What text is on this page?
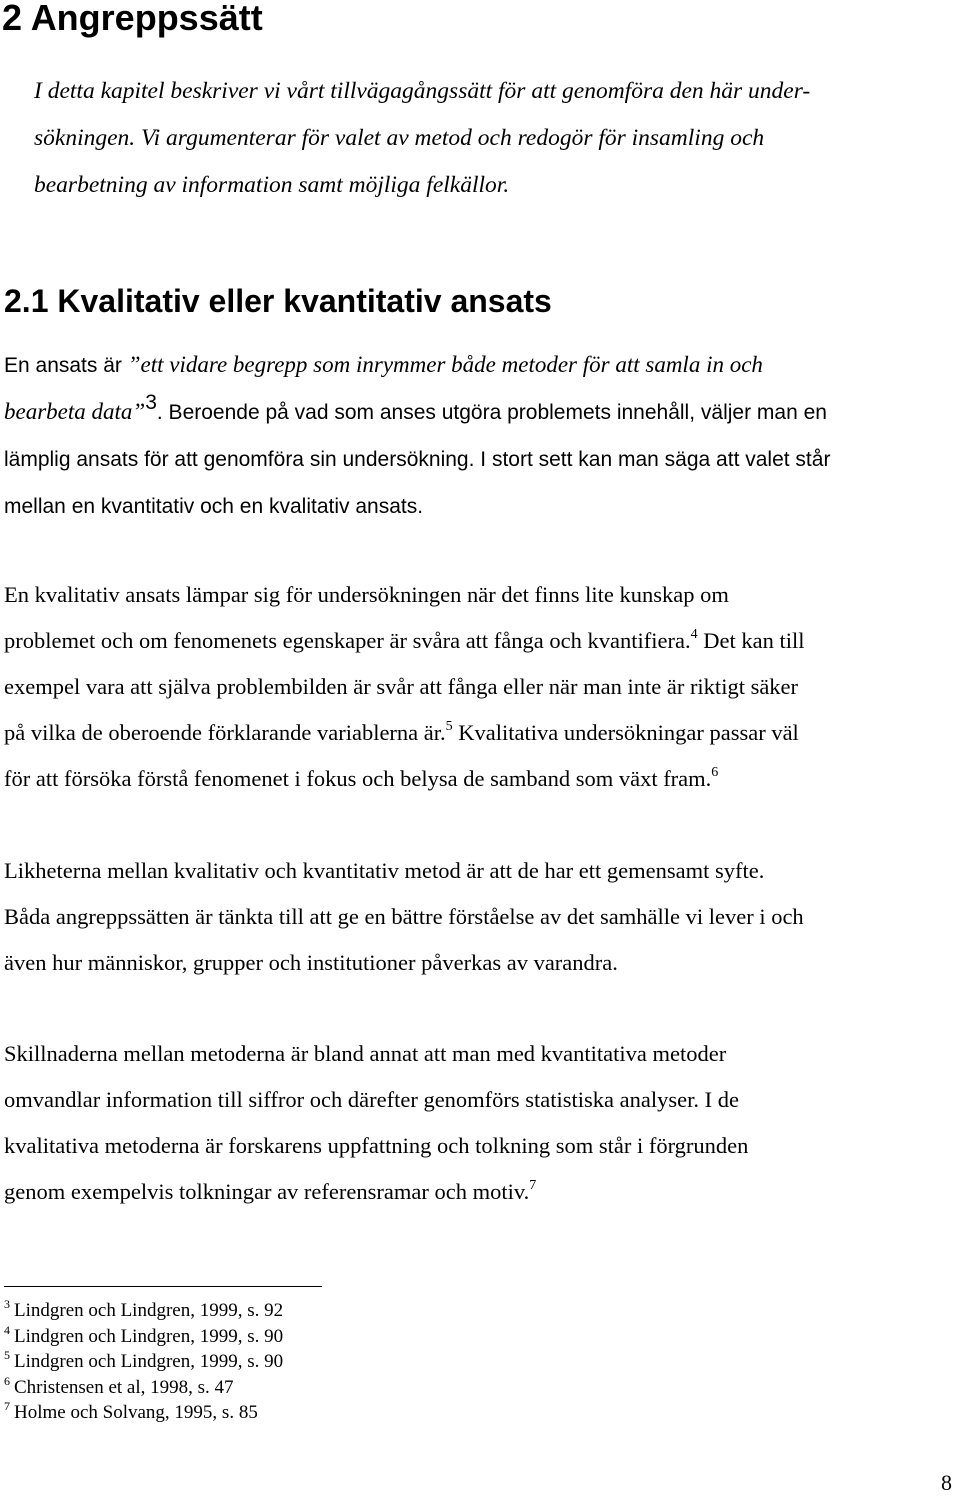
2 Angreppssätt

I detta kapitel beskriver vi vårt tillvägagångssätt för att genomföra den här under-
sökningen. Vi argumenterar för valet av metod och redogör för insamling och
bearbetning av information samt möjliga felkällor.

2.1 Kvalitativ eller kvantitativ ansats

En ansats är ”ett vidare begrepp som inrymmer både metoder för att samla in och
bearbeta data”$^3$. Beroende på vad som anses utgöra problemets innehåll, väljer man en
lämplig ansats för att genomföra sin undersökning. I stort sett kan man säga att valet står
mellan en kvantitativ och en kvalitativ ansats.

En kvalitativ ansats lämpar sig för undersökningen när det finns lite kunskap om
problemet och om fenomenets egenskaper är svåra att fånga och kvantifiera.$^4$ Det kan till
exempel vara att själva problembilden är svår att fånga eller när man inte är riktigt säker
på vilka de oberoende förklarande variablerna är.$^5$ Kvalitativa undersökningar passar väl
för att försöka förstå fenomenet i fokus och belysa de samband som växt fram.$^6$

Likheterna mellan kvalitativ och kvantitativ metod är att de har ett gemensamt syfte.
Båda angreppssätten är tänkta till att ge en bättre förståelse av det samhälle vi lever i och
även hur människor, grupper och institutioner påverkas av varandra.

Skillnaderna mellan metoderna är bland annat att man med kvantitativa metoder
omvandlar information till siffror och därefter genomförs statistiska analyser. I de
kvalitativa metoderna är forskarens uppfattning och tolkning som står i förgrunden
genom exempelvis tolkningar av referensramar och motiv.$^7$

$^3$ Lindgren och Lindgren, 1999, s. 92
$^4$ Lindgren och Lindgren, 1999, s. 90
$^5$ Lindgren och Lindgren, 1999, s. 90
$^6$ Christensen et al, 1998, s. 47
$^7$ Holme och Solvang, 1995, s. 85
8
